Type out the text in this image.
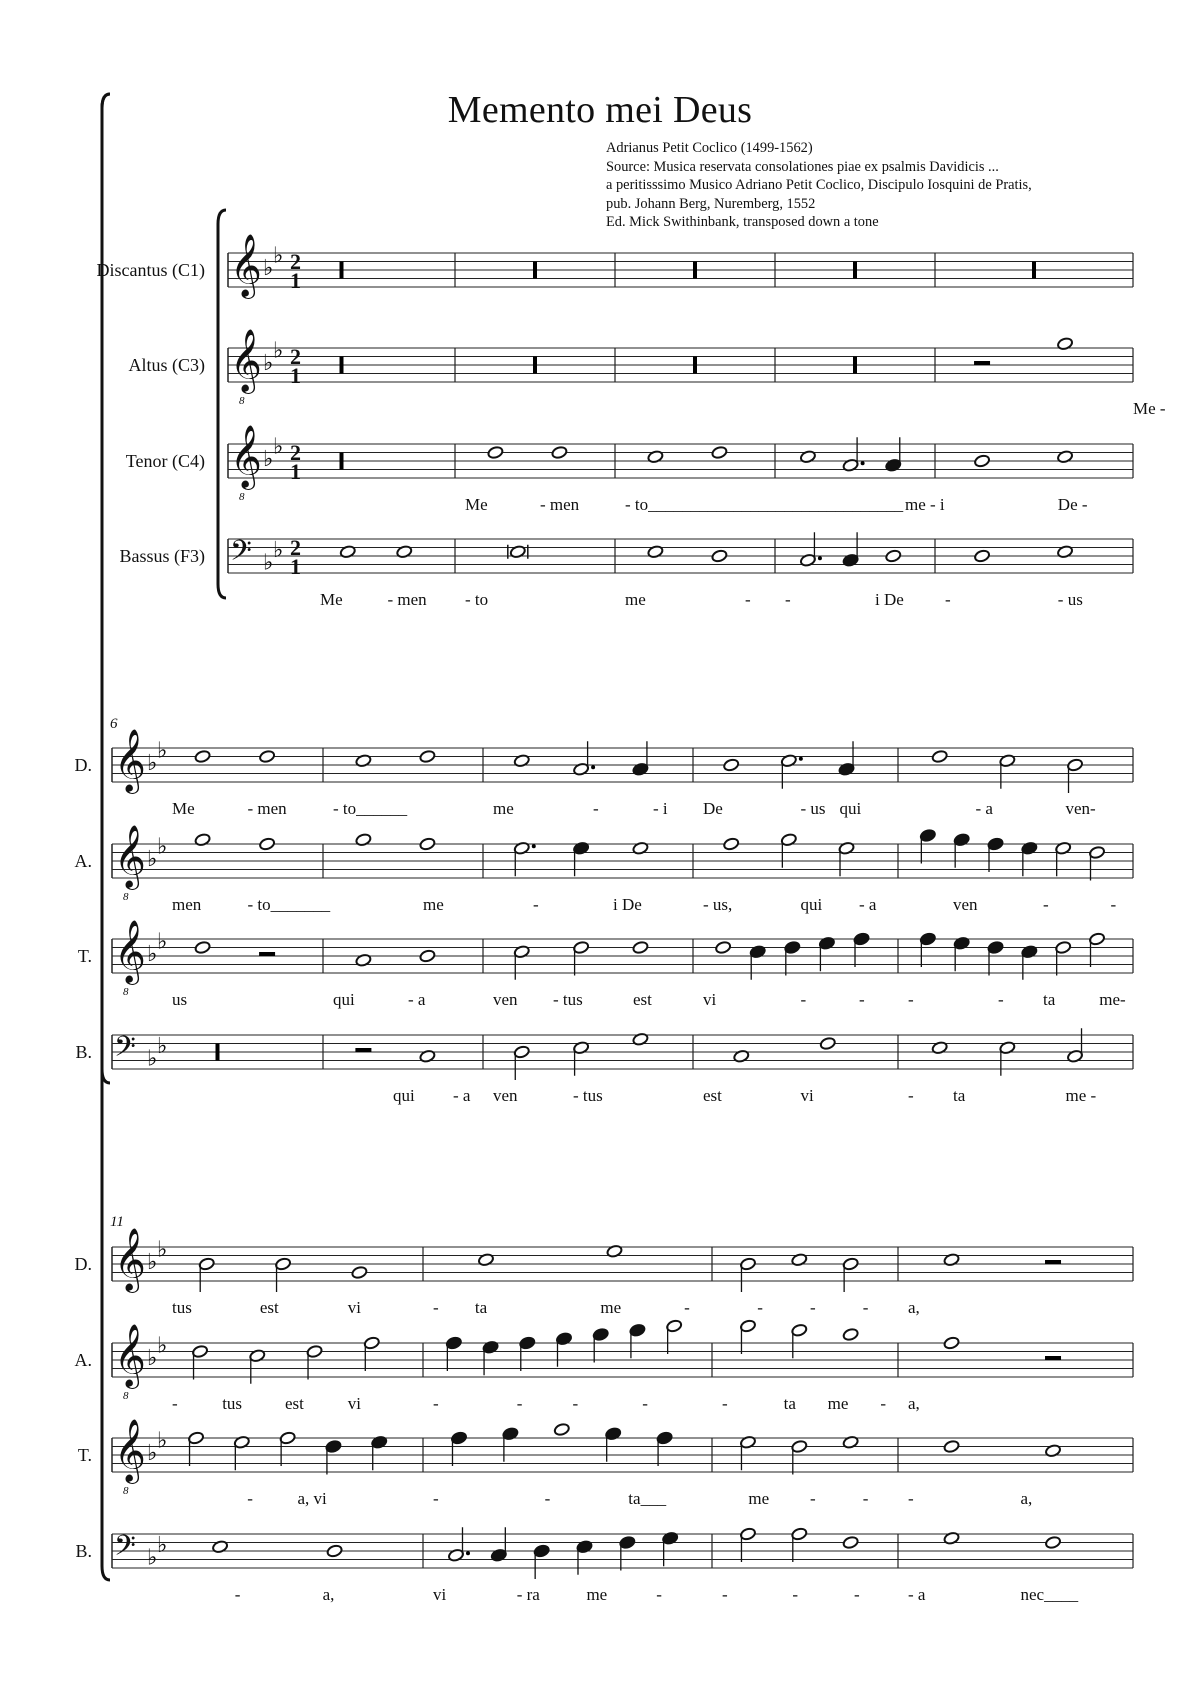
Memento mei Deus
Adrianus Petit Coclico (1499-1562)
Source: Musica reservata consolationes piae ex psalmis Davidicis ...
a peritisssimo Musico Adriano Petit Coclico, Discipulo Iosquini de Pratis,
pub. Johann Berg, Nuremberg, 1552
Ed. Mick Swithinbank, transposed down a tone
Discantus (C1) 𝄞 ♭
♭ 2
1
Altus (C3) 𝄞
8
♭
♭ 2
1
Me -
Tenor (C4) 𝄞
8
♭
♭ 2
1
Me	- men	- to______________________________ me - i	De -
Bassus (F3) 𝄢 ♭
♭ 2
1
Me	- men - to	me	- -	i De -	- us
6
D. 𝄞 ♭
♭
Me	- men	- to______	me	-	- i De	- us qui	- a	ven-
A. 𝄞
8
♭
♭
men	- to_______	me	-	i De	- us,	qui - a	ven	-	-
T. 𝄞
8
♭
♭
us	qui	- a	ven - tus	est	vi	-	-	-	- ta	me-
B. 𝄢 ♭
♭
qui - a ven	- tus	est	vi	- ta	me -
11
D. 𝄞 ♭
♭
tus	est	vi	- ta	me	-	-	-	- a,
A. 𝄞
8
♭
♭
-	tus	est	vi	-	-	-	-	-	ta me - a,
T. 𝄞
8
♭
♭
-	a, vi	-	-	ta___	me -	- -	a,
B. 𝄢 ♭
♭
-	a,	vi	- ra	me	-	-	-	-	- a	nec____
